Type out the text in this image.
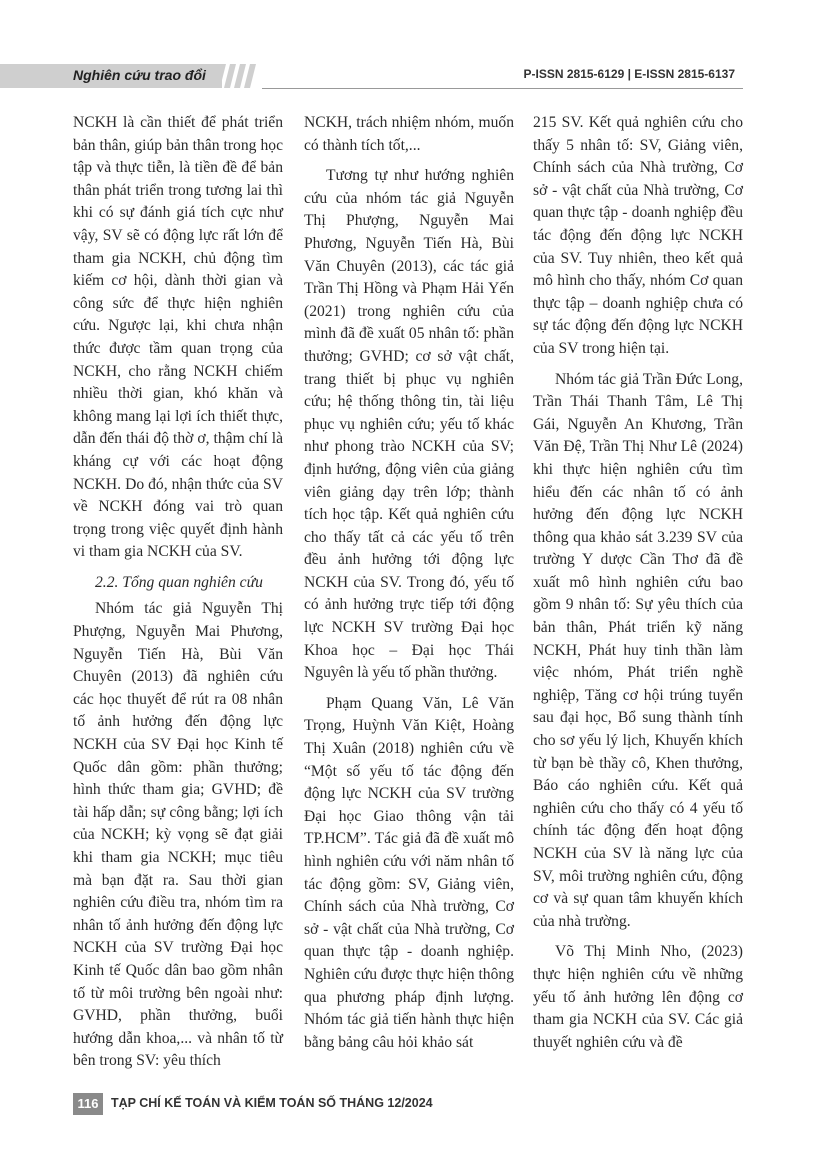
Nghiên cứu trao đổi	P-ISSN 2815-6129 | E-ISSN 2815-6137

NCKH là cần thiết để phát triển bản thân, giúp bản thân trong học tập và thực tiễn, là tiền đề để bản thân phát triển trong tương lai thì khi có sự đánh giá tích cực như vậy, SV sẽ có động lực rất lớn để tham gia NCKH, chủ động tìm kiếm cơ hội, dành thời gian và công sức để thực hiện nghiên cứu. Ngược lại, khi chưa nhận thức được tầm quan trọng của NCKH, cho rằng NCKH chiếm nhiều thời gian, khó khăn và không mang lại lợi ích thiết thực, dẫn đến thái độ thờ ơ, thậm chí là kháng cự với các hoạt động NCKH. Do đó, nhận thức của SV về NCKH đóng vai trò quan trọng trong việc quyết định hành vi tham gia NCKH của SV.

2.2. Tổng quan nghiên cứu

Nhóm tác giả Nguyễn Thị Phượng, Nguyễn Mai Phương, Nguyễn Tiến Hà, Bùi Văn Chuyên (2013) đã nghiên cứu các học thuyết để rút ra 08 nhân tố ảnh hưởng đến động lực NCKH của SV Đại học Kinh tế Quốc dân gồm: phần thưởng; hình thức tham gia; GVHD; đề tài hấp dẫn; sự công bằng; lợi ích của NCKH; kỳ vọng sẽ đạt giải khi tham gia NCKH; mục tiêu mà bạn đặt ra. Sau thời gian nghiên cứu điều tra, nhóm tìm ra nhân tố ảnh hưởng đến động lực NCKH của SV trường Đại học Kinh tế Quốc dân bao gồm nhân tố từ môi trường bên ngoài như: GVHD, phần thưởng, buổi hướng dẫn khoa,... và nhân tố từ bên trong SV: yêu thích

NCKH, trách nhiệm nhóm, muốn có thành tích tốt,...

Tương tự như hướng nghiên cứu của nhóm tác giả Nguyễn Thị Phượng, Nguyễn Mai Phương, Nguyễn Tiến Hà, Bùi Văn Chuyên (2013), các tác giả Trần Thị Hồng và Phạm Hải Yến (2021) trong nghiên cứu của mình đã đề xuất 05 nhân tố: phần thưởng; GVHD; cơ sở vật chất, trang thiết bị phục vụ nghiên cứu; hệ thống thông tin, tài liệu phục vụ nghiên cứu; yếu tố khác như phong trào NCKH của SV; định hướng, động viên của giảng viên giảng dạy trên lớp; thành tích học tập. Kết quả nghiên cứu cho thấy tất cả các yếu tố trên đều ảnh hưởng tới động lực NCKH của SV. Trong đó, yếu tố có ảnh hưởng trực tiếp tới động lực NCKH SV trường Đại học Khoa học – Đại học Thái Nguyên là yếu tố phần thưởng.

Phạm Quang Văn, Lê Văn Trọng, Huỳnh Văn Kiệt, Hoàng Thị Xuân (2018) nghiên cứu về “Một số yếu tố tác động đến động lực NCKH của SV trường Đại học Giao thông vận tải TP.HCM”. Tác giả đã đề xuất mô hình nghiên cứu với năm nhân tố tác động gồm: SV, Giảng viên, Chính sách của Nhà trường, Cơ sở - vật chất của Nhà trường, Cơ quan thực tập - doanh nghiệp. Nghiên cứu được thực hiện thông qua phương pháp định lượng. Nhóm tác giả tiến hành thực hiện bằng bảng câu hỏi khảo sát

215 SV. Kết quả nghiên cứu cho thấy 5 nhân tố: SV, Giảng viên, Chính sách của Nhà trường, Cơ sở - vật chất của Nhà trường, Cơ quan thực tập - doanh nghiệp đều tác động đến động lực NCKH của SV. Tuy nhiên, theo kết quả mô hình cho thấy, nhóm Cơ quan thực tập – doanh nghiệp chưa có sự tác động đến động lực NCKH của SV trong hiện tại.

Nhóm tác giả Trần Đức Long, Trần Thái Thanh Tâm, Lê Thị Gái, Nguyễn An Khương, Trần Văn Đệ, Trần Thị Như Lê (2024) khi thực hiện nghiên cứu tìm hiểu đến các nhân tố có ảnh hưởng đến động lực NCKH thông qua khảo sát 3.239 SV của trường Y dược Cần Thơ đã đề xuất mô hình nghiên cứu bao gồm 9 nhân tố: Sự yêu thích của bản thân, Phát triển kỹ năng NCKH, Phát huy tinh thần làm việc nhóm, Phát triển nghề nghiệp, Tăng cơ hội trúng tuyển sau đại học, Bổ sung thành tính cho sơ yếu lý lịch, Khuyến khích từ bạn bè thầy cô, Khen thưởng, Báo cáo nghiên cứu. Kết quả nghiên cứu cho thấy có 4 yếu tố chính tác động đến hoạt động NCKH của SV là năng lực của SV, môi trường nghiên cứu, động cơ và sự quan tâm khuyến khích của nhà trường.

Võ Thị Minh Nho, (2023) thực hiện nghiên cứu về những yếu tố ảnh hưởng lên động cơ tham gia NCKH của SV. Các giả thuyết nghiên cứu và đề

116	TẠP CHÍ KẾ TOÁN VÀ KIỂM TOÁN SỐ THÁNG 12/2024
